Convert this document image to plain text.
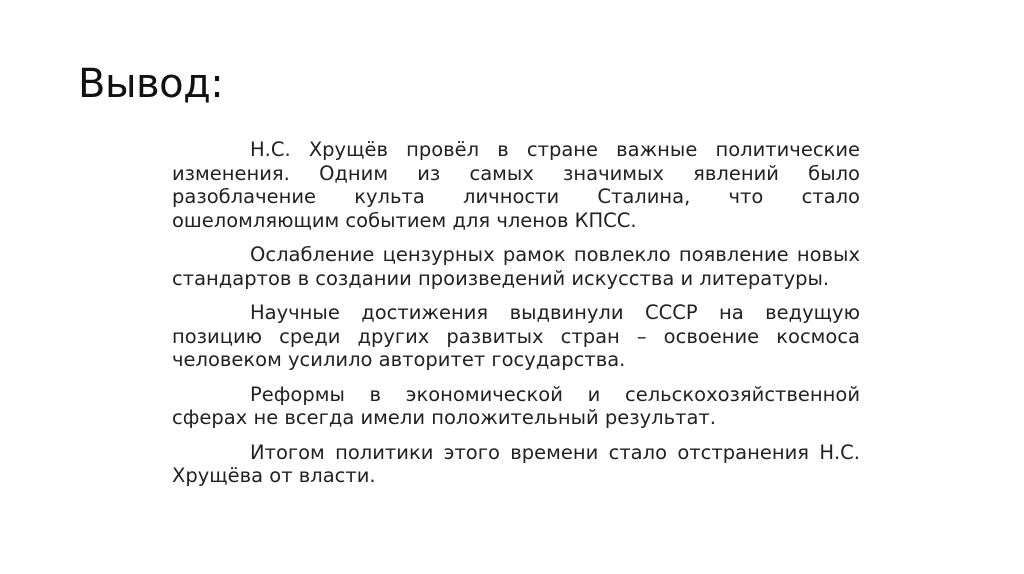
Вывод:

Н.С. Хрущёв провёл в стране важные политические изменения. Одним из самых значимых явлений было разоблачение культа личности Сталина, что стало ошеломляющим событием для членов КПСС.

Ослабление цензурных рамок повлекло появление новых стандартов в создании произведений искусства и литературы.

Научные достижения выдвинули СССР на ведущую позицию среди других развитых стран – освоение космоса человеком усилило авторитет государства.

Реформы в экономической и сельскохозяйственной сферах не всегда имели положительный результат.

Итогом политики этого времени стало отстранения Н.С. Хрущёва от власти.
